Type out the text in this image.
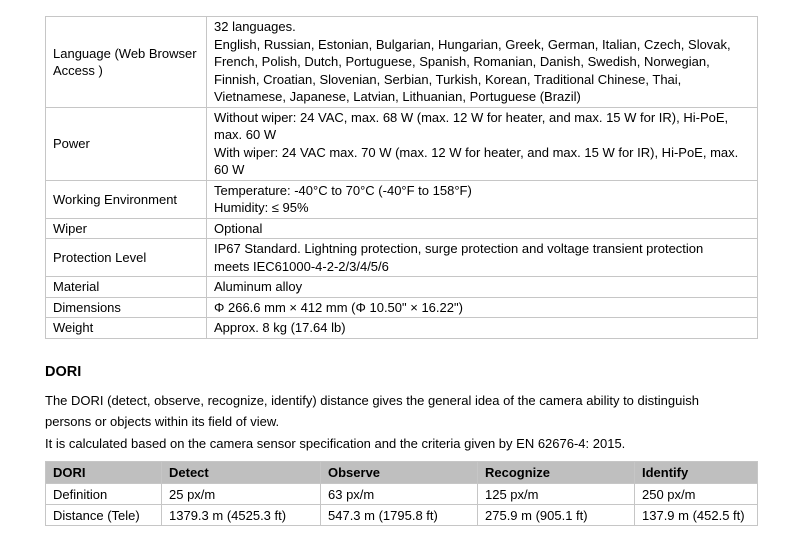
Language (Web Browser Access )	32 languages.
English, Russian, Estonian, Bulgarian, Hungarian, Greek, German, Italian, Czech, Slovak,
French, Polish, Dutch, Portuguese, Spanish, Romanian, Danish, Swedish, Norwegian,
Finnish, Croatian, Slovenian, Serbian, Turkish, Korean, Traditional Chinese, Thai,
Vietnamese, Japanese, Latvian, Lithuanian, Portuguese (Brazil)

Power	Without wiper: 24 VAC, max. 68 W (max. 12 W for heater, and max. 15 W for IR), Hi-PoE,
max. 60 W
With wiper: 24 VAC max. 70 W (max. 12 W for heater, and max. 15 W for IR), Hi-PoE, max.
60 W

Working Environment	Temperature: -40°C to 70°C (-40°F to 158°F)
Humidity: ≤ 95%

Wiper	Optional

Protection Level	IP67 Standard. Lightning protection, surge protection and voltage transient protection
meets IEC61000-4-2-2/3/4/5/6

Material	Aluminum alloy

Dimensions	Φ 266.6 mm × 412 mm (Φ 10.50" × 16.22")

Weight	Approx. 8 kg (17.64 lb)
DORI
The DORI (detect, observe, recognize, identify) distance gives the general idea of the camera ability to distinguish
persons or objects within its field of view.
It is calculated based on the camera sensor specification and the criteria given by EN 62676-4: 2015.
DORI	Detect	Observe	Recognize	Identify
Definition	25 px/m	63 px/m	125 px/m	250 px/m
Distance (Tele)	1379.3 m (4525.3 ft)	547.3 m (1795.8 ft)	275.9 m (905.1 ft)	137.9 m (452.5 ft)
